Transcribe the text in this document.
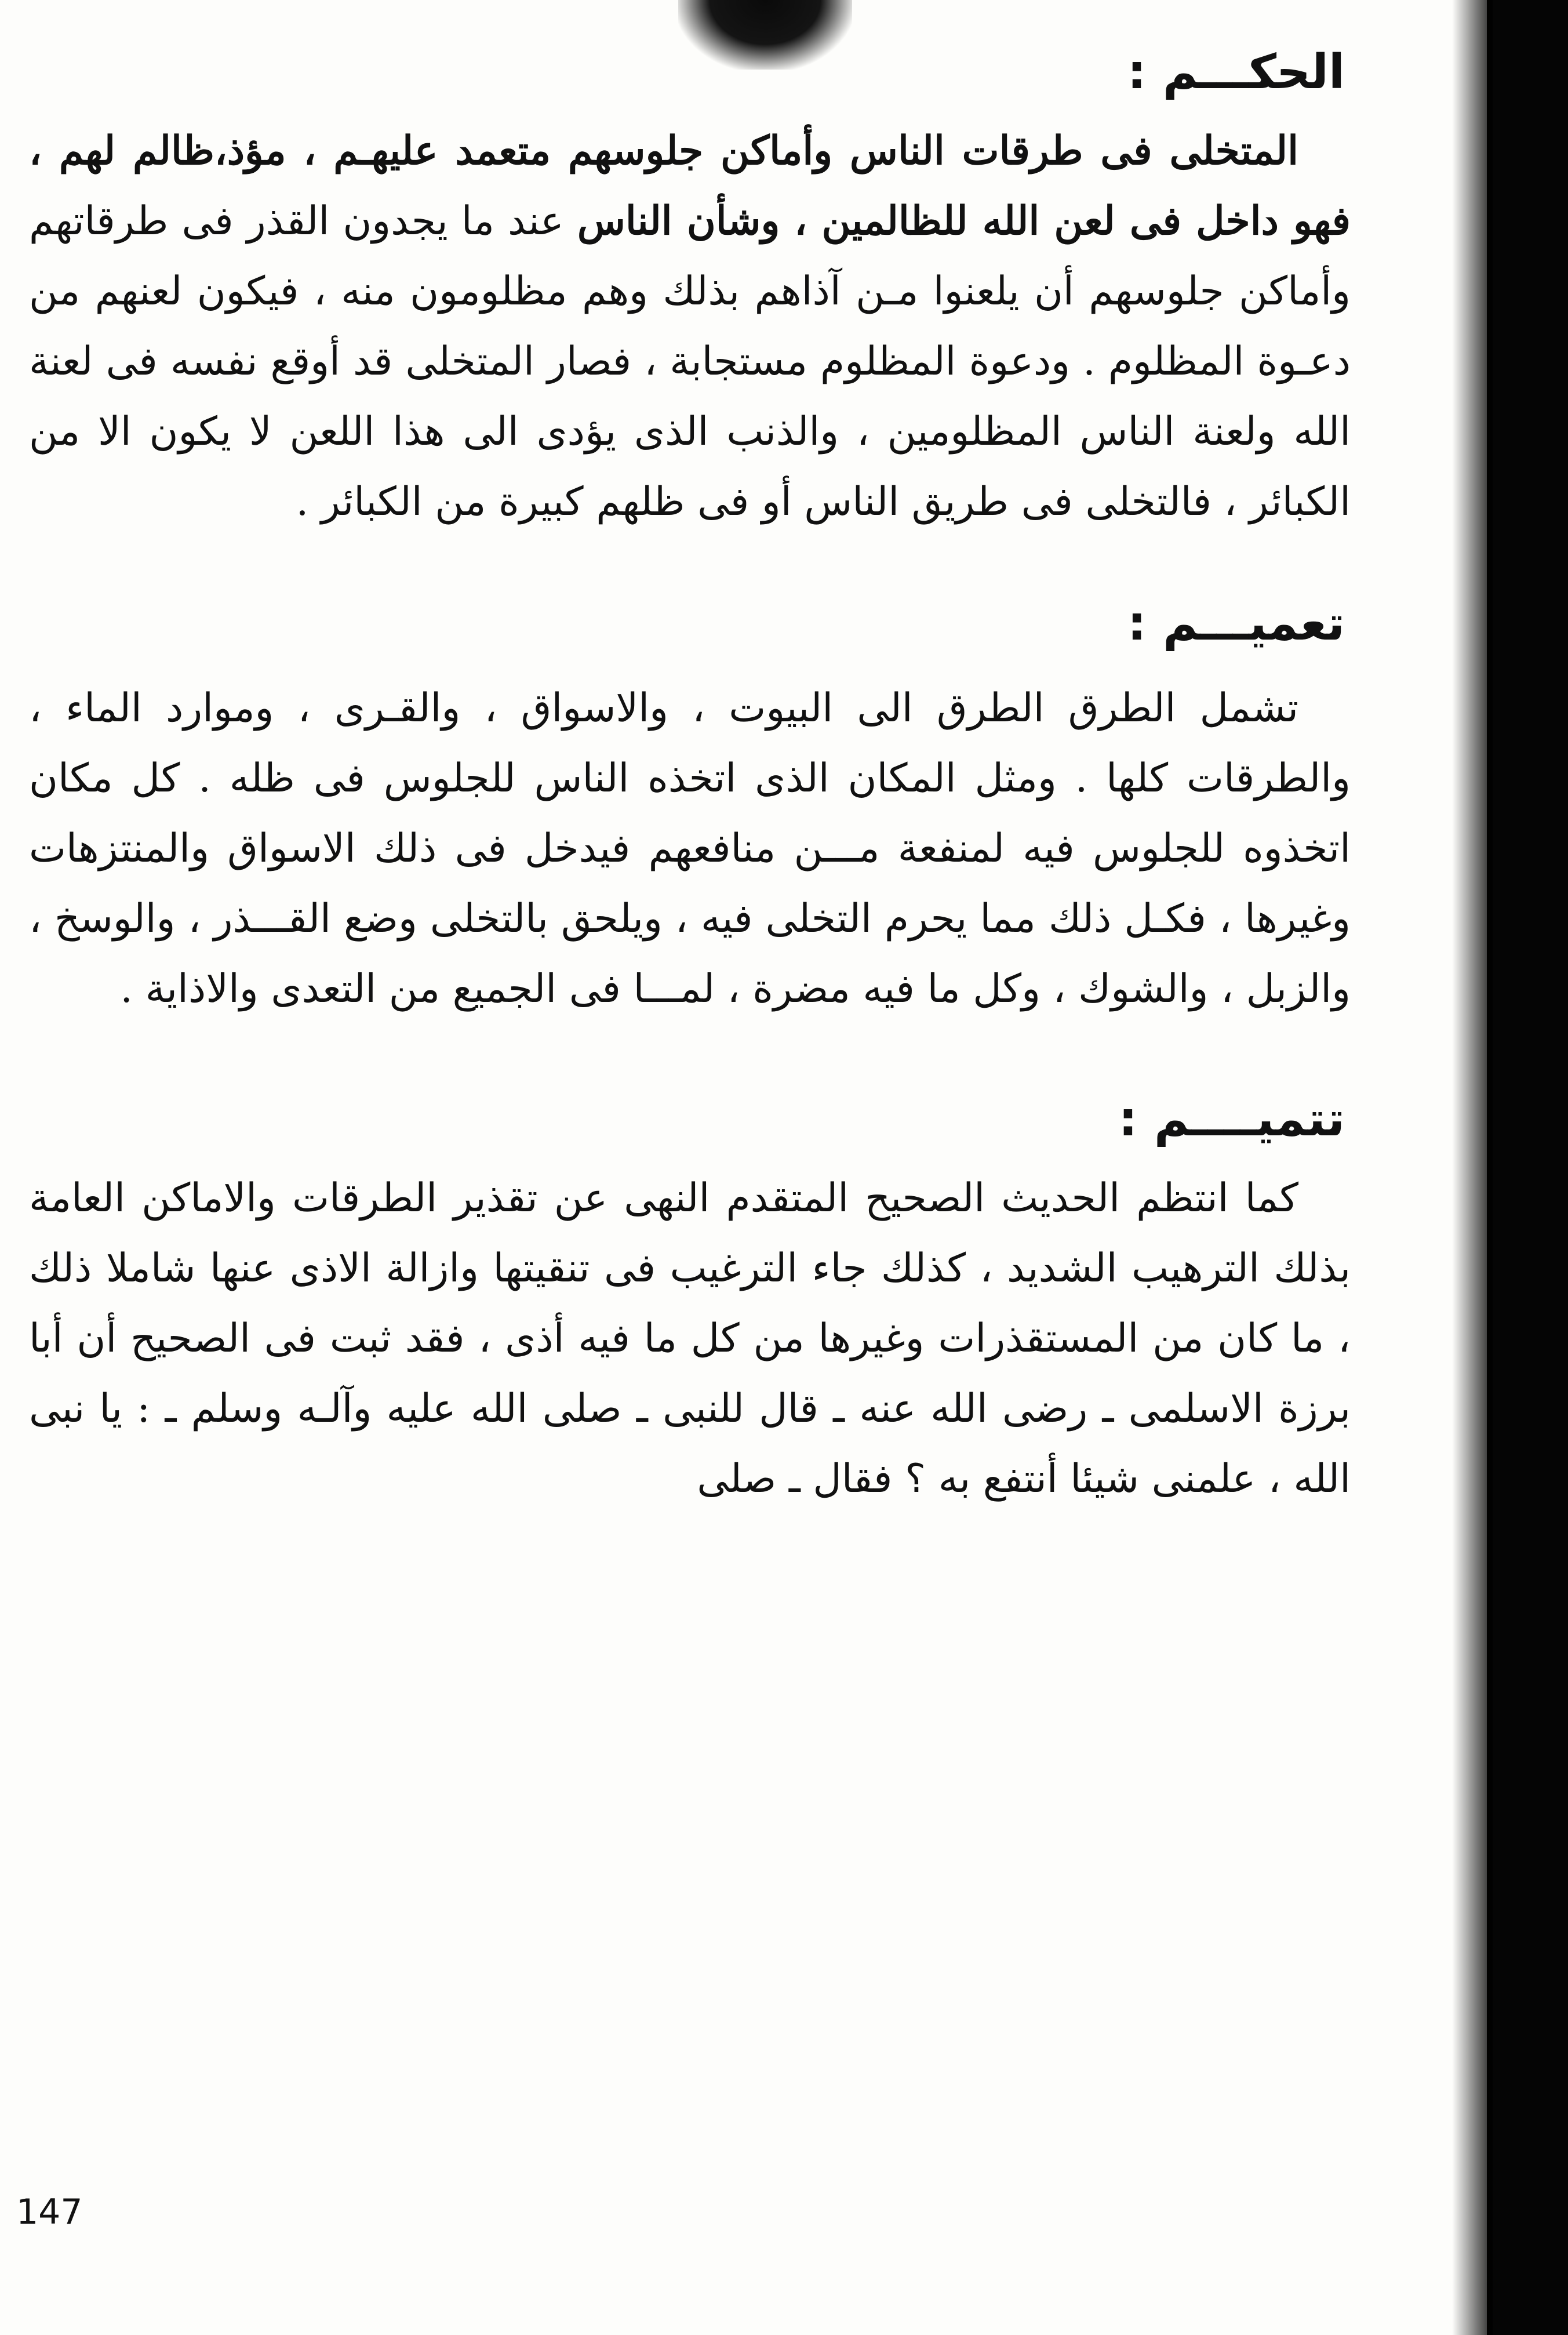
الحكـــم :

المتخلى فى طرقات الناس وأماكن جلوسهم متعمد عليهـم ، مؤذ،ظالم لهم ، فهو داخل فى لعن الله للظالمين ، وشأن الناس عند ما يجدون القذر فى طرقاتهم وأماكن جلوسهم أن يلعنوا مـن آذاهم بذلك وهم مظلومون منه ، فيكون لعنهم من دعـوة المظلوم . ودعوة المظلوم مستجابة ، فصار المتخلى قد أوقع نفسه فى لعنة الله ولعنة الناس المظلومين ، والذنب الذى يؤدى الى هذا اللعن لا يكون الا من الكبائر ، فالتخلى فى طريق الناس أو فى ظلهم كبيرة من الكبائر .

تعميـــم :

تشمل الطرق الطرق الى البيوت ، والاسواق ، والقـرى ، وموارد الماء ، والطرقات كلها . ومثل المكان الذى اتخذه الناس للجلوس فى ظله . كل مكان اتخذوه للجلوس فيه لمنفعة مـــن منافعهم فيدخل فى ذلك الاسواق والمنتزهات وغيرها ، فكـل ذلك مما يحرم التخلى فيه ، ويلحق بالتخلى وضع القـــذر ، والوسخ ، والزبل ، والشوك ، وكل ما فيه مضرة ، لمـــا فى الجميع من التعدى والاذاية .

تتميــــم :

كما انتظم الحديث الصحيح المتقدم النهى عن تقذير الطرقات والاماكن العامة بذلك الترهيب الشديد ، كذلك جاء الترغيب فى تنقيتها وازالة الاذى عنها شاملا ذلك ، ما كان من المستقذرات وغيرها من كل ما فيه أذى ، فقد ثبت فى الصحيح أن أبا برزة الاسلمى ـ رضى الله عنه ـ قال للنبى ـ صلى الله عليه وآلـه وسلم ـ : يا نبى الله ، علمنى شيئا أنتفع به ؟ فقال ـ صلى

147
